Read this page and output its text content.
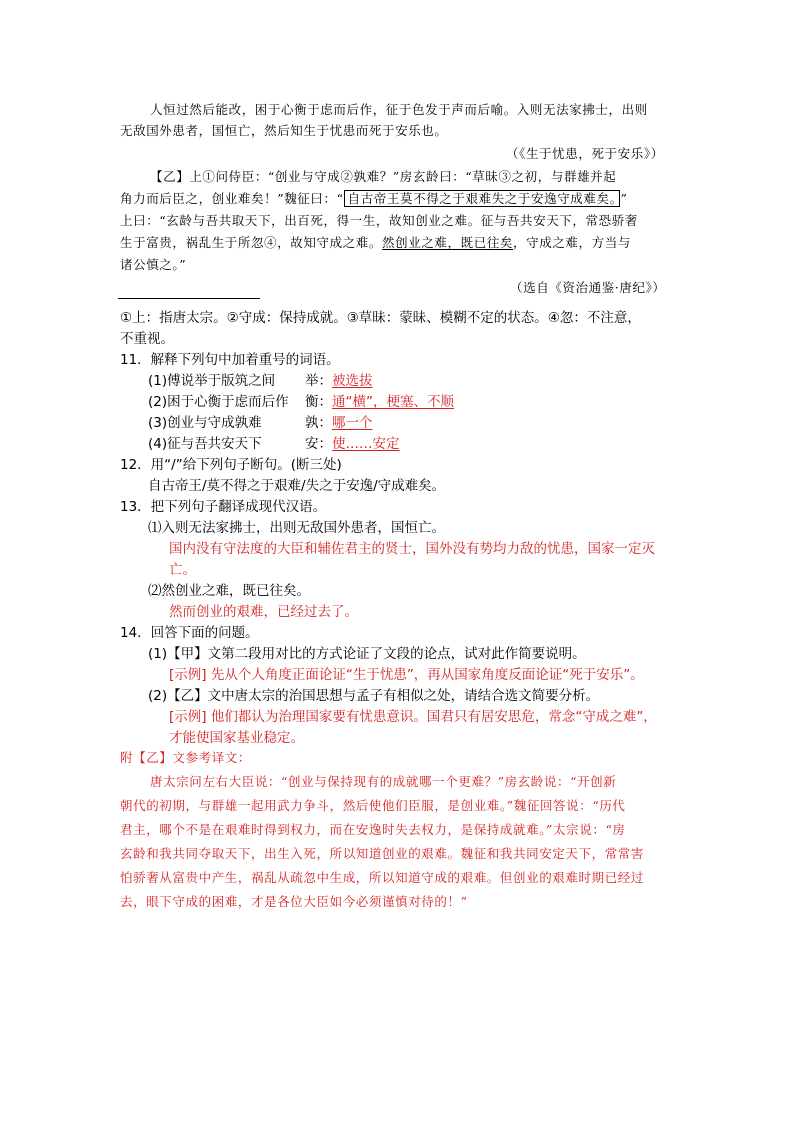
人恒过然后能改，困于心衡于虑而后作，征于色发于声而后喻。入则无法家拂士，出则
无敌国外患者，国恒亡，然后知生于忧患而死于安乐也。
（《生于忧患，死于安乐》）
【乙】上①问侍臣：“创业与守成②孰难？”房玄龄曰：“草昧③之初，与群雄并起
角力而后臣之，创业难矣！”魏征曰：“ 自古帝王莫不得之于艰难失之于安逸守成难矣。 ”
上曰：“玄龄与吾共取天下，出百死，得一生，故知创业之难。征与吾共安天下，常恐骄奢
生于富贵，祸乱生于所忽④，故知守成之难。然创业之难，既已往矣，守成之难，方当与
诸公慎之。”
（选自《资治通鉴·唐纪》）
①上：指唐太宗。②守成：保持成就。③草昧：蒙昧、模糊不定的状态。④忽：不注意，
不重视。
11．解释下列句中加着重号的词语。
(1)傅说举于版筑之间 举： 被选拔
(2)困于心衡于虑而后作 衡： 通“横”，梗塞、不顺
(3)创业与守成孰难	孰： 哪一个
(4)征与吾共安天下	安： 使……安定
12．用“/”给下列句子断句。(断三处)
自古帝王/莫不得之于艰难/失之于安逸/守成难矣。
13．把下列句子翻译成现代汉语。
⑴入则无法家拂士，出则无敌国外患者，国恒亡。
国内没有守法度的大臣和辅佐君主的贤士，国外没有势均力敌的忧患，国家一定灭
亡。
⑵然创业之难，既已往矣。
然而创业的艰难，已经过去了。
14．回答下面的问题。
(1)【甲】文第二段用对比的方式论证了文段的论点，试对此作简要说明。
[示例] 先从个人角度正面论证“生于忧患”，再从国家角度反面论证“死于安乐”。
(2)【乙】文中唐太宗的治国思想与孟子有相似之处，请结合选文简要分析。
[示例] 他们都认为治理国家要有忧患意识。国君只有居安思危，常念“守成之难”，
才能使国家基业稳定。
附【乙】文参考译文：
唐太宗问左右大臣说：“创业与保持现有的成就哪一个更难？”房玄龄说：“开创新
朝代的初期，与群雄一起用武力争斗，然后使他们臣服，是创业难。”魏征回答说：“历代
君主，哪个不是在艰难时得到权力，而在安逸时失去权力，是保持成就难。”太宗说：“房
玄龄和我共同夺取天下，出生入死，所以知道创业的艰难。魏征和我共同安定天下，常常害
怕骄奢从富贵中产生，祸乱从疏忽中生成，所以知道守成的艰难。但创业的艰难时期已经过
去，眼下守成的困难，才是各位大臣如今必须谨慎对待的！”
